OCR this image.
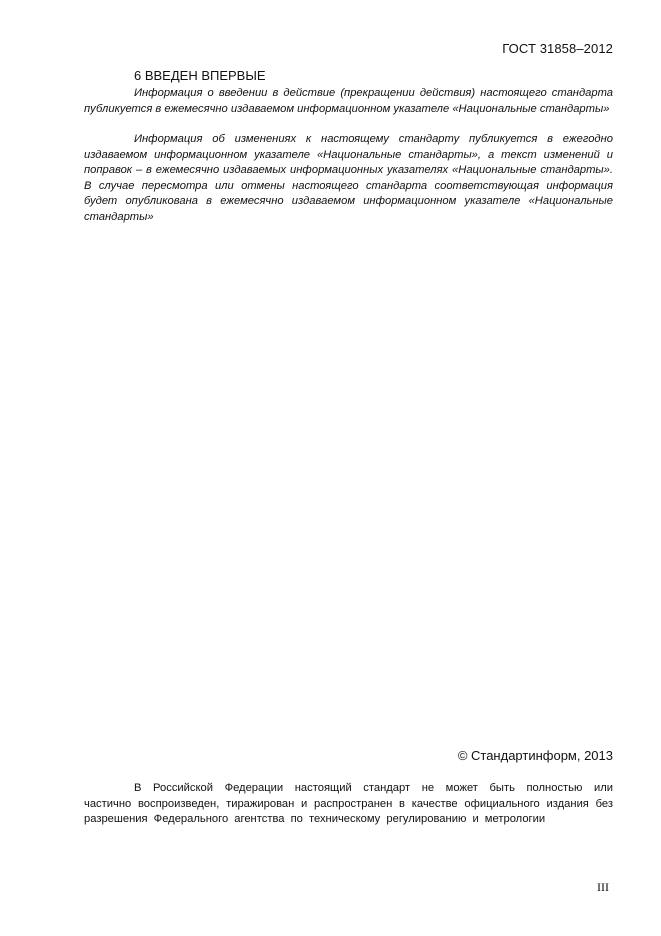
ГОСТ 31858–2012
6 ВВЕДЕН ВПЕРВЫЕ

Информация о введении в действие (прекращении действия) настоящего стандарта публикуется в ежемесячно издаваемом информационном указателе «Национальные стандарты»

Информация об изменениях к настоящему стандарту публикуется в ежегодно издаваемом информационном указателе «Национальные стандарты», а текст изменений и поправок – в ежемесячно издаваемых информационных указателях «Национальные стандарты». В случае пересмотра или отмены настоящего стандарта соответствующая информация будет опубликована в ежемесячно издаваемом информационном указателе «Национальные стандарты»

© Стандартинформ, 2013

В Российской Федерации настоящий стандарт не может быть полностью или частично воспроизведен, тиражирован и распространен в качестве официального издания без разрешения Федерального агентства по техническому регулированию и метрологии

III
